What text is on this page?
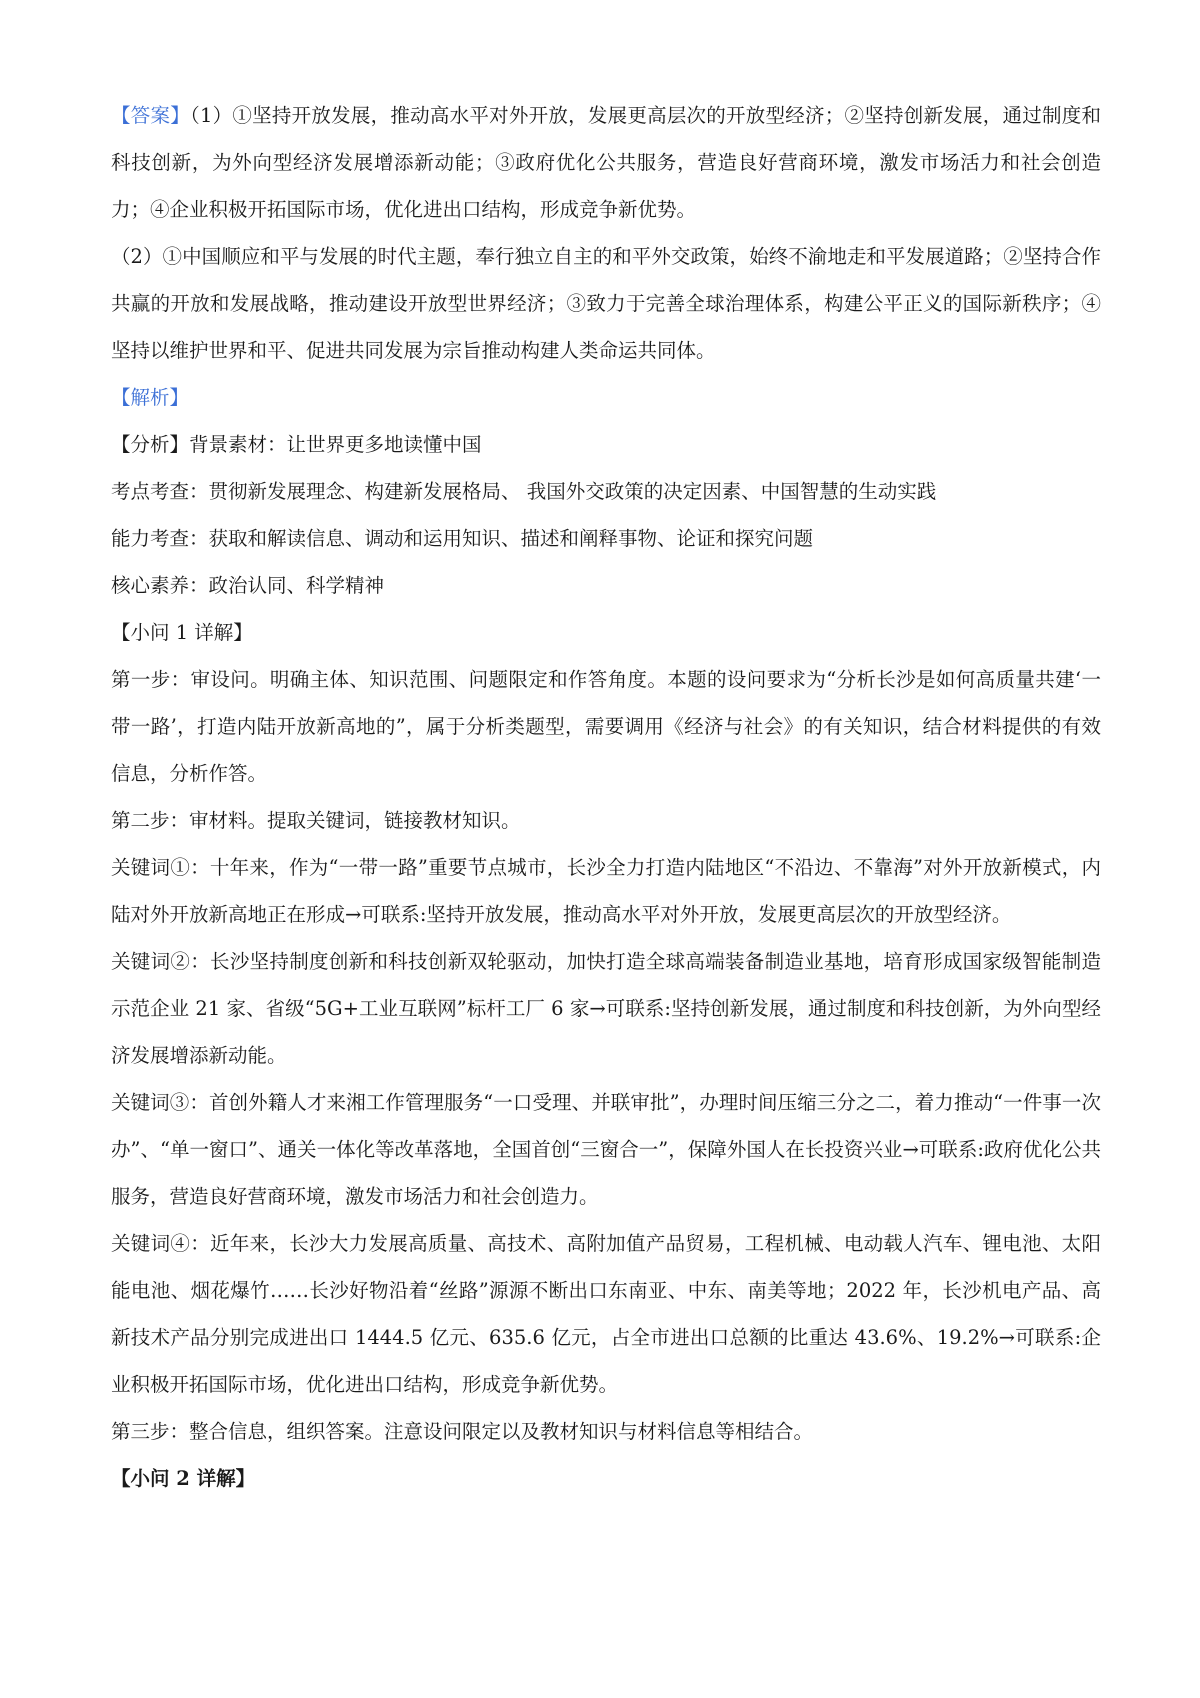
【答案】（1）①坚持开放发展，推动高水平对外开放，发展更高层次的开放型经济；②坚持创新发展，通过制度和科技创新，为外向型经济发展增添新动能；③政府优化公共服务，营造良好营商环境，激发市场活力和社会创造力；④企业积极开拓国际市场，优化进出口结构，形成竞争新优势。

（2）①中国顺应和平与发展的时代主题，奉行独立自主的和平外交政策，始终不渝地走和平发展道路；②坚持合作共赢的开放和发展战略，推动建设开放型世界经济；③致力于完善全球治理体系，构建公平正义的国际新秩序；④坚持以维护世界和平、促进共同发展为宗旨推动构建人类命运共同体。

【解析】

【分析】背景素材：让世界更多地读懂中国

考点考查：贯彻新发展理念、构建新发展格局、 我国外交政策的决定因素、中国智慧的生动实践

能力考查：获取和解读信息、调动和运用知识、描述和阐释事物、论证和探究问题

核心素养：政治认同、科学精神

【小问 1 详解】

第一步：审设问。明确主体、知识范围、问题限定和作答角度。本题的设问要求为“分析长沙是如何高质量共建‘一带一路’，打造内陆开放新高地的”，属于分析类题型，需要调用《经济与社会》的有关知识，结合材料提供的有效信息，分析作答。

第二步：审材料。提取关键词，链接教材知识。

关键词①：十年来，作为“一带一路”重要节点城市，长沙全力打造内陆地区“不沿边、不靠海”对外开放新模式，内陆对外开放新高地正在形成→可联系:坚持开放发展，推动高水平对外开放，发展更高层次的开放型经济。

关键词②：长沙坚持制度创新和科技创新双轮驱动，加快打造全球高端装备制造业基地，培育形成国家级智能制造示范企业 21 家、省级“5G+工业互联网”标杆工厂 6 家→可联系:坚持创新发展，通过制度和科技创新，为外向型经济发展增添新动能。

关键词③：首创外籍人才来湘工作管理服务“一口受理、并联审批”，办理时间压缩三分之二，着力推动“一件事一次办”、“单一窗口”、通关一体化等改革落地，全国首创“三窗合一”，保障外国人在长投资兴业→可联系:政府优化公共服务，营造良好营商环境，激发市场活力和社会创造力。

关键词④：近年来，长沙大力发展高质量、高技术、高附加值产品贸易，工程机械、电动载人汽车、锂电池、太阳能电池、烟花爆竹……长沙好物沿着“丝路”源源不断出口东南亚、中东、南美等地；2022 年，长沙机电产品、高新技术产品分别完成进出口 1444.5 亿元、635.6 亿元，占全市进出口总额的比重达 43.6%、19.2%→可联系:企业积极开拓国际市场，优化进出口结构，形成竞争新优势。

第三步：整合信息，组织答案。注意设问限定以及教材知识与材料信息等相结合。

【小问 2 详解】
